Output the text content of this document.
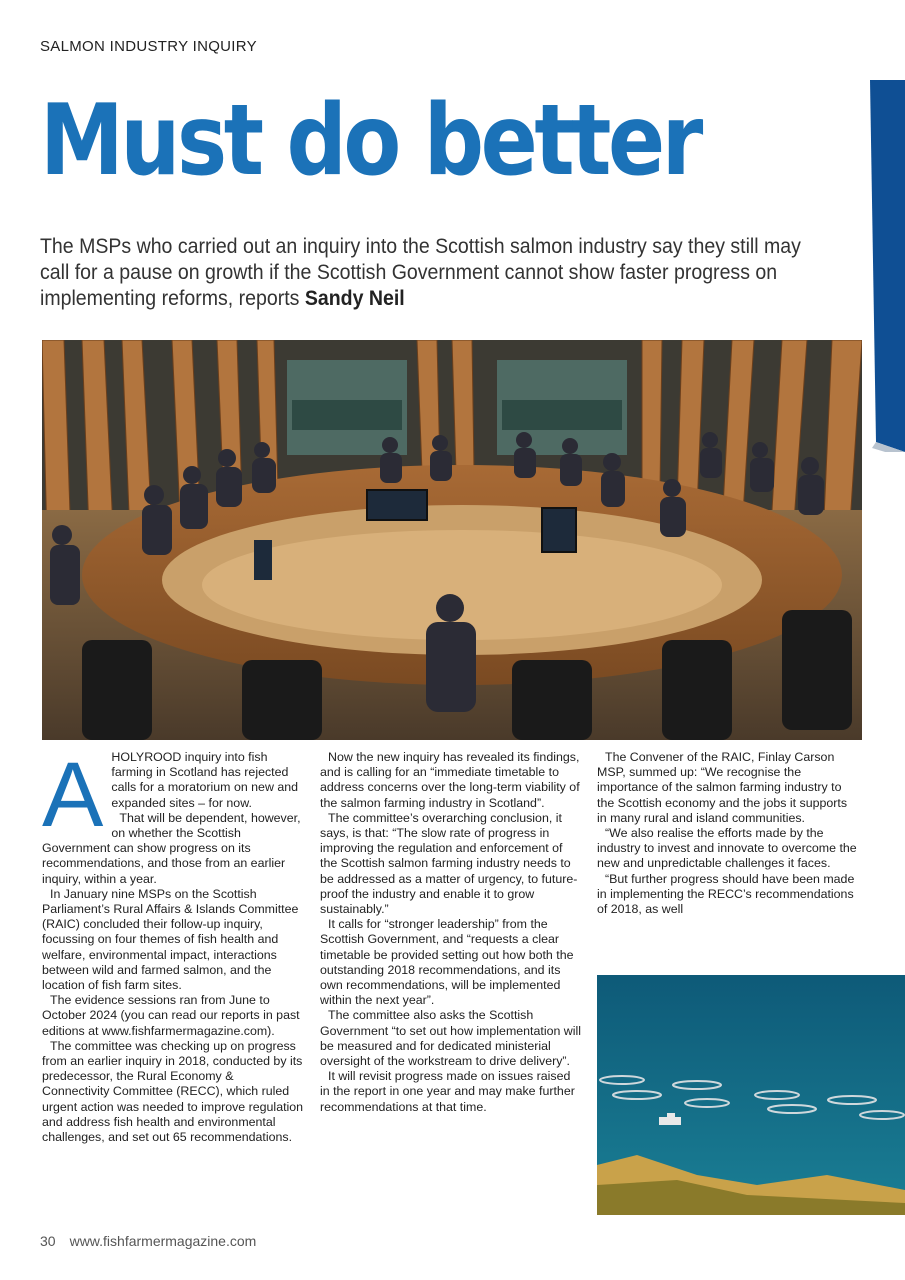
SALMON INDUSTRY INQUIRY
Must do better

The MSPs who carried out an inquiry into the Scottish salmon industry say they still may call for a pause on growth if the Scottish Government cannot show faster progress on implementing reforms, reports Sandy Neil

AHOLYROOD inquiry into fish farming in Scotland has rejected calls for a moratorium on new and expanded sites – for now.

That will be dependent, however, on whether the Scottish Government can show progress on its recommendations, and those from an earlier inquiry, within a year.

In January nine MSPs on the Scottish Parliament’s Rural Affairs & Islands Committee (RAIC) concluded their follow-up inquiry, focussing on four themes of fish health and welfare, environmental impact, interactions between wild and farmed salmon, and the location of fish farm sites.

The evidence sessions ran from June to October 2024 (you can read our reports in past editions at www.fishfarmermagazine.com).

The committee was checking up on progress from an earlier inquiry in 2018, conducted by its predecessor, the Rural Economy & Connectivity Committee (RECC), which ruled urgent action was needed to improve regulation and address fish health and environmental challenges, and set out 65 recommendations.

Now the new inquiry has revealed its findings, and is calling for an “immediate timetable to address concerns over the long-term viability of the salmon farming industry in Scotland”.

The committee’s overarching conclusion, it says, is that: “The slow rate of progress in improving the regulation and enforcement of the Scottish salmon farming industry needs to be addressed as a matter of urgency, to future-proof the industry and enable it to grow sustainably.”

It calls for “stronger leadership” from the Scottish Government, and “requests a clear timetable be provided setting out how both the outstanding 2018 recommendations, and its own recommendations, will be implemented within the next year”.

The committee also asks the Scottish Government “to set out how implementation will be measured and for dedicated ministerial oversight of the workstream to drive delivery”.

It will revisit progress made on issues raised in the report in one year and may make further recommendations at that time.

The Convener of the RAIC, Finlay Carson MSP, summed up: “We recognise the importance of the salmon farming industry to the Scottish economy and the jobs it supports in many rural and island communities.

“We also realise the efforts made by the industry to invest and innovate to overcome the new and unpredictable challenges it faces.

“But further progress should have been made in implementing the RECC’s recommendations of 2018, as well

30 www.fishfarmermagazine.com
